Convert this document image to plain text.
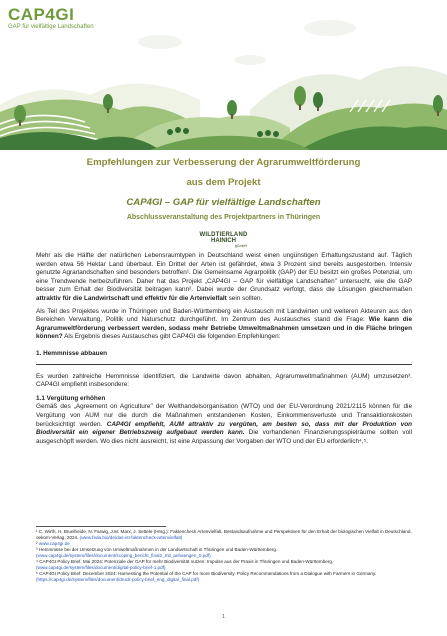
CAP4GI
GAP für vielfältige Landschaften

Empfehlungen zur Verbesserung der Agrarumweltförderung

aus dem Projekt

CAP4GI – GAP für vielfältige Landschaften

Abschlussveranstaltung des Projektpartners in Thüringen

WILDTIERLAND
HAINICH
gGmbH

Mehr als die Hälfte der natürlichen Lebensraumtypen in Deutschland weist einen ungünstigen Erhaltungszustand auf. Täglich werden etwa 56 Hektar Land überbaut. Ein Drittel der Arten ist gefährdet, etwa 3 Prozent sind bereits ausgestorben. Intensiv genutzte Agrarlandschaften sind besonders betroffen¹. Die Gemeinsame Agrarpolitik (GAP) der EU besitzt ein großes Potenzial, um eine Trendwende herbeizuführen. Daher hat das Projekt „CAP4GI – GAP für vielfältige Landschaften" untersucht, wie die GAP besser zum Erhalt der Biodiversität beitragen kann². Dabei wurde der Grundsatz verfolgt, dass die Lösungen gleichermaßen attraktiv für die Landwirtschaft und effektiv für die Artenvielfalt sein sollten.

Als Teil des Projektes wurde in Thüringen und Baden-Württemberg ein Austausch mit Landwirten und weiteren Akteuren aus den Bereichen Verwaltung, Politik und Naturschutz durchgeführt. Im Zentrum des Austausches stand die Frage: Wie kann die Agrarumweltförderung verbessert werden, sodass mehr Betriebe Umweltmaßnahmen umsetzen und in die Fläche bringen können? Als Ergebnis dieses Austausches gibt CAP4GI die folgenden Empfehlungen:

1. Hemmnisse abbauen

Es wurden zahlreiche Hemmnisse identifiziert, die Landwirte davon abhalten, Agrarumweltmaßnahmen (AUM) umzusetzen³. CAP4GI empfiehlt insbesondere:

1.1 Vergütung erhöhen

Gemäß des „Agreement on Agriculture" der Welthandelsorganisation (WTO) und der EU-Verordnung 2021/2115 können für die Vergütung von AUM nur die durch die Maßnahmen entstandenen Kosten, Einkommensverluste und Transaktionskosten berücksichtigt werden. CAP4GI empfiehlt, AUM attraktiv zu vergüten, am besten so, dass mit der Produktion von Biodiversität ein eigener Betriebszweig aufgebaut werden kann. Die vorhandenen Finanzierungsspielräume sollten voll ausgeschöpft werden. Wo dies nicht ausreicht, ist eine Anpassung der Vorgaben der WTO und der EU erforderlich⁴,⁵.

¹ C. Wirth, H. Bruelheide, N. Farwig, J.M. Marx, J. Settele (Hrsg.): Faktencheck Artenvielfalt. Bestandsaufnahme und Perspektiven für den Erhalt der biologischen Vielfalt in Deutschland. oekom-Verlag, 2024. (www.feda.bio/de/das-ist-faktencheck-artenvielfalt)

² www.cap4gi.de

³ Hemmnisse bei der Umsetzung von Umweltmaßnahmen in der Landwirtschaft in Thüringen und Baden-Württemberg. (www.cap4gi.de/system/files/document/scoping_bericht_final2_mit_anhaengen_0.pdf)

⁴ CAP4GI Policy Brief. Mai 2024: Potenziale der GAP für mehr Biodiversität nutzen: Impulse aus der Praxis in Thüringen und Baden-Württemberg. (www.cap4gi.de/system/files/document/digital-policy-brief-1.pdf)

⁵ CAP4GI Policy Brief. December 2024: Harnessing the Potential of the CAP for more Biodiversity. Policy Recommendations from a Dialogue with Farmers in Germany. (https://cap4gi.de/system/files/document/druck-policy-brief_eng_digital_final.pdf)

1
